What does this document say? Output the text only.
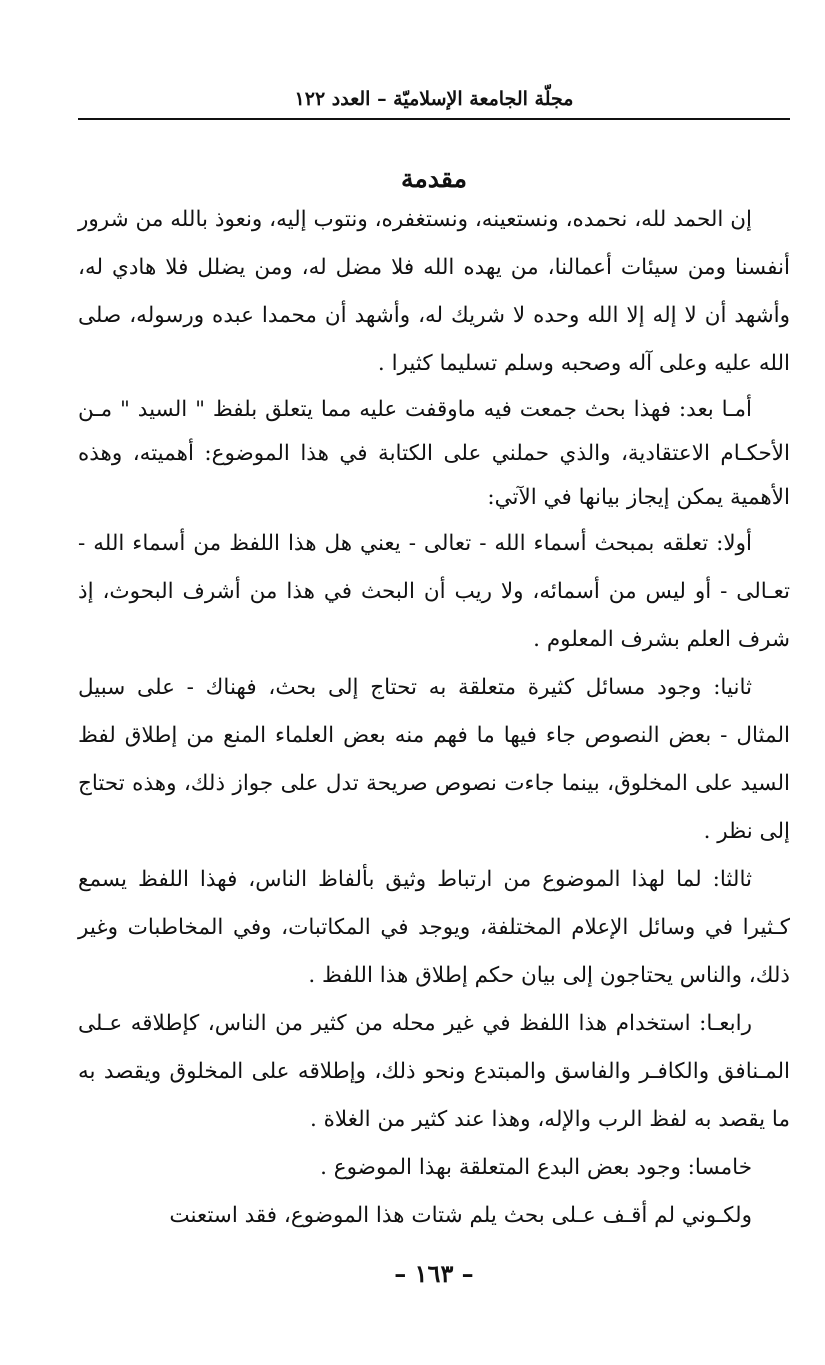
مجلّة الجامعة الإسلاميّة – العدد ١٢٢
مقدمة

إن الحمد لله، نحمده، ونستعينه، ونستغفره، ونتوب إليه، ونعوذ بالله من شرور أنفسنا ومن سيئات أعمالنا، من يهده الله فلا مضل له، ومن يضلل فلا هادي له، وأشهد أن لا إله إلا الله وحده لا شريك له، وأشهد أن محمدا عبده ورسوله، صلى الله عليه وعلى آله وصحبه وسلم تسليما كثيرا .

أمـا بعد: فهذا بحث جمعت فيه ماوقفت عليه مما يتعلق بلفظ " السيد " مـن الأحكـام الاعتقادية، والذي حملني على الكتابة في هذا الموضوع: أهميته، وهذه الأهمية يمكن إيجاز بيانها في الآتي:

أولا: تعلقه بمبحث أسماء الله - تعالى - يعني هل هذا اللفظ من أسماء الله - تعـالى - أو ليس من أسمائه، ولا ريب أن البحث في هذا من أشرف البحوث، إذ شرف العلم بشرف المعلوم .

ثانيا: وجود مسائل كثيرة متعلقة به تحتاج إلى بحث، فهناك - على سبيل المثال - بعض النصوص جاء فيها ما فهم منه بعض العلماء المنع من إطلاق لفظ السيد على المخلوق، بينما جاءت نصوص صريحة تدل على جواز ذلك، وهذه تحتاج إلى نظر .

ثالثا: لما لهذا الموضوع من ارتباط وثيق بألفاظ الناس، فهذا اللفظ يسمع كـثيرا في وسائل الإعلام المختلفة، ويوجد في المكاتبات، وفي المخاطبات وغير ذلك، والناس يحتاجون إلى بيان حكم إطلاق هذا اللفظ .

رابعـا: استخدام هذا اللفظ في غير محله من كثير من الناس، كإطلاقه عـلى المـنافق والكافـر والفاسق والمبتدع ونحو ذلك، وإطلاقه على المخلوق ويقصد به ما يقصد به لفظ الرب والإله، وهذا عند كثير من الغلاة .

خامسا: وجود بعض البدع المتعلقة بهذا الموضوع .

ولكـوني لم أقـف عـلى بحث يلم شتات هذا الموضوع، فقد استعنت

– ١٦٣ –
